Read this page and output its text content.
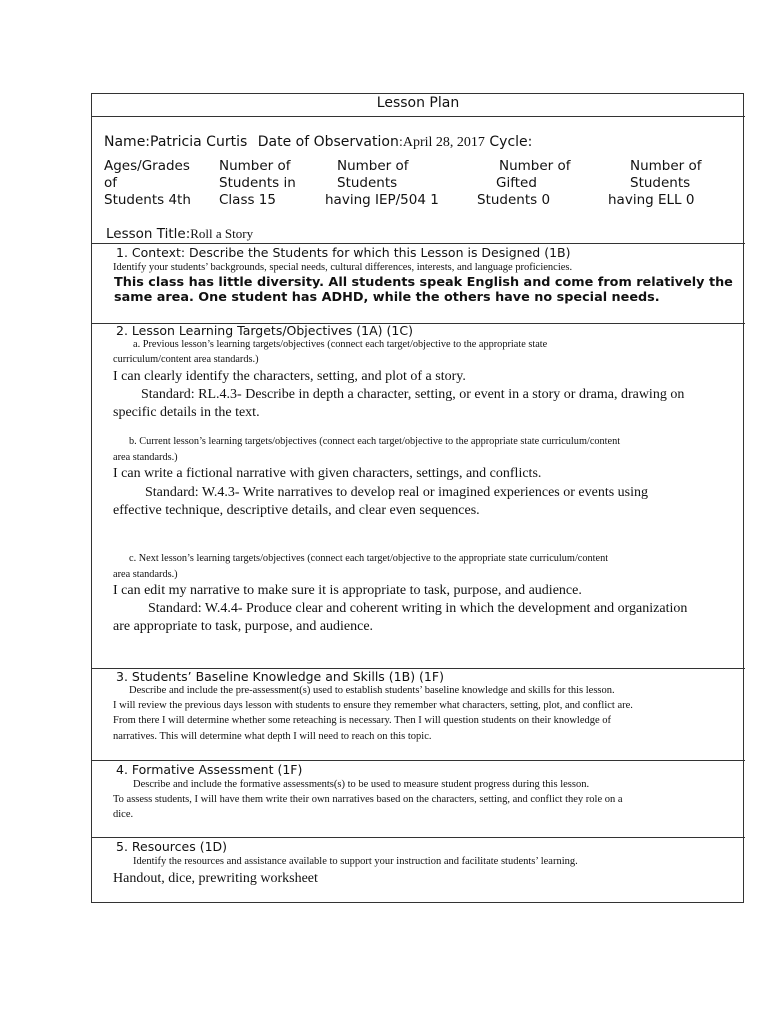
Lesson Plan
Name:Patricia Curtis Date of Observation:April 28, 2017 Cycle:
Ages/Grades
of
Students 4th
Number of
Students in
Class 15
Number of
Students
having IEP/504 1
Number of
Gifted
Students 0
Number of
Students
having ELL 0
Lesson Title:Roll a Story
1. Context: Describe the Students for which this Lesson is Designed (1B)
Identify your students’ backgrounds, special needs, cultural differences, interests, and language proficiencies.
This class has little diversity. All students speak English and come from relatively the
same area. One student has ADHD, while the others have no special needs.
2. Lesson Learning Targets/Objectives (1A) (1C)
a. Previous lesson’s learning targets/objectives (connect each target/objective to the appropriate state
curriculum/content area standards.)
I can clearly identify the characters, setting, and plot of a story.
Standard: RL.4.3- Describe in depth a character, setting, or event in a story or drama, drawing on
specific details in the text.
b. Current lesson’s learning targets/objectives (connect each target/objective to the appropriate state curriculum/content
area standards.)
I can write a fictional narrative with given characters, settings, and conflicts.
Standard: W.4.3- Write narratives to develop real or imagined experiences or events using
effective technique, descriptive details, and clear even sequences.
c. Next lesson’s learning targets/objectives (connect each target/objective to the appropriate state curriculum/content
area standards.)
I can edit my narrative to make sure it is appropriate to task, purpose, and audience.
Standard: W.4.4- Produce clear and coherent writing in which the development and organization
are appropriate to task, purpose, and audience.
3. Students’ Baseline Knowledge and Skills (1B) (1F)
Describe and include the pre-assessment(s) used to establish students’ baseline knowledge and skills for this lesson.
I will review the previous days lesson with students to ensure they remember what characters, setting, plot, and conflict are.
From there I will determine whether some reteaching is necessary. Then I will question students on their knowledge of
narratives. This will determine what depth I will need to reach on this topic.
4. Formative Assessment (1F)
Describe and include the formative assessments(s) to be used to measure student progress during this lesson.
To assess students, I will have them write their own narratives based on the characters, setting, and conflict they role on a
dice.
5. Resources (1D)
Identify the resources and assistance available to support your instruction and facilitate students’ learning.
Handout, dice, prewriting worksheet
